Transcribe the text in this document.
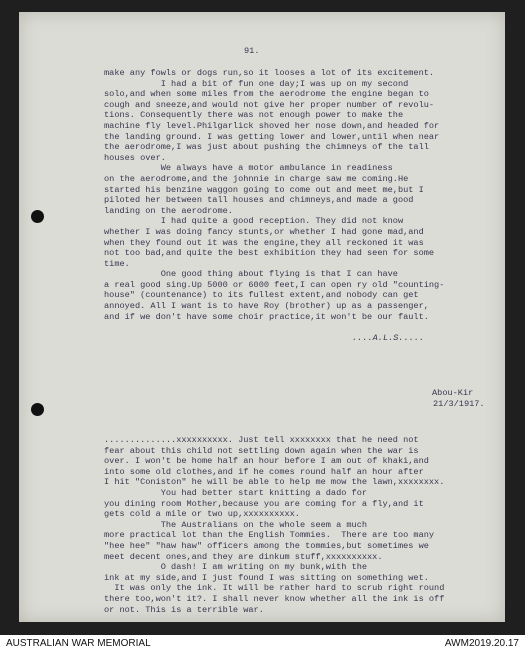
91.
make any fowls or dogs run,so it looses a lot of its excitement.
I had a bit of fun one day;I was up on my second
solo,and when some miles from the aerodrome the engine began to
cough and sneeze,and would not give her proper number of revolu-
tions. Consequently there was not enough power to make the
machine fly level.Philgarlick shoved her nose down,and headed for
the landing ground. I was getting lower and lower,until when near
the aerodrome,I was just about pushing the chimneys of the tall
houses over.
We always have a motor ambulance in readiness
on the aerodrome,and the johnnie in charge saw me coming.He
started his benzine waggon going to come out and meet me,but I
piloted her between tall houses and chimneys,and made a good
landing on the aerodrome.
I had quite a good reception. They did not know
whether I was doing fancy stunts,or whether I had gone mad,and
when they found out it was the engine,they all reckoned it was
not too bad,and quite the best exhibition they had seen for some
time.
One good thing about flying is that I can have
a real good sing.Up 5000 or 6000 feet,I can open ry old "counting-
house" (countenance) to its fullest extent,and nobody can get
annoyed. All I want is to have Roy (brother) up as a passenger,
and if we don't have some choir practice,it won't be our fault.
....A.L.S.....
Abou-Kir
21/3/1917.
..............xxxxxxxxxx. Just tell xxxxxxxx that he need not
fear about this child not settling down again when the war is
over. I won't be home half an hour before I am out of khaki,and
into some old clothes,and if he comes round half an hour after
I hit "Coniston" he will be able to help me mow the lawn,xxxxxxxx.
You had better start knitting a dado for
you dining room Mother,because you are coming for a fly,and it
gets cold a mile or two up,xxxxxxxxxx.
The Australians on the whole seem a much
more practical lot than the English Tommies.  There are too many
"hee hee" "haw haw" officers among the tommies,but sometimes we
meet decent ones,and they are dinkum stuff,xxxxxxxxxx.
O dash! I am writing on my bunk,with the
ink at my side,and I just found I was sitting on something wet.
It was only the ink. It will be rather hard to scrub right round
there too,won't it?. I shall never know whether all the ink is off
or not. This is a terrible war.
AUSTRALIAN WAR MEMORIAL	AWM2019.20.17
